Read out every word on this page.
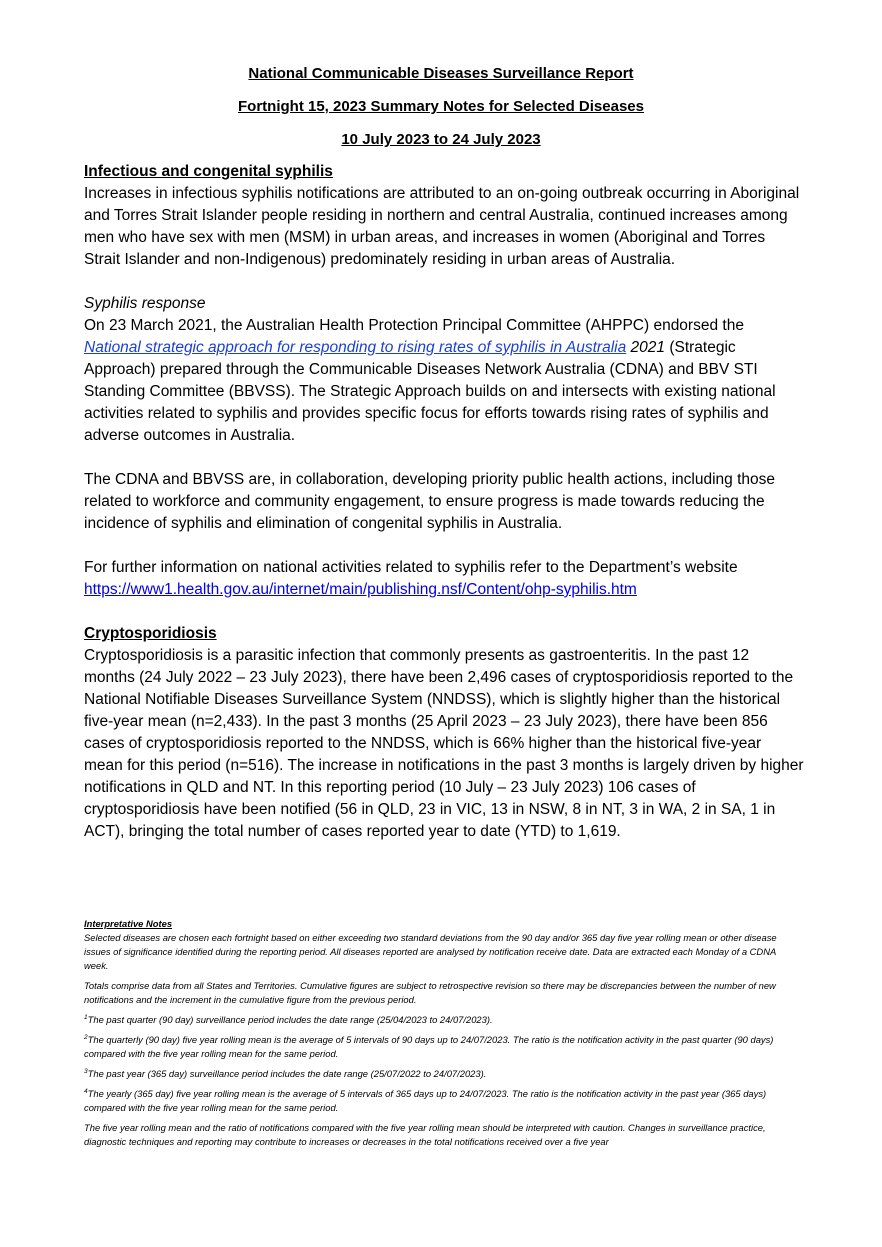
National Communicable Diseases Surveillance Report
Fortnight 15, 2023 Summary Notes for Selected Diseases
10 July 2023 to 24 July 2023
Infectious and congenital syphilis

Increases in infectious syphilis notifications are attributed to an on-going outbreak occurring in Aboriginal and Torres Strait Islander people residing in northern and central Australia, continued increases among men who have sex with men (MSM) in urban areas, and increases in women (Aboriginal and Torres Strait Islander and non-Indigenous) predominately residing in urban areas of Australia.

Syphilis response

On 23 March 2021, the Australian Health Protection Principal Committee (AHPPC) endorsed the National strategic approach for responding to rising rates of syphilis in Australia 2021 (Strategic Approach) prepared through the Communicable Diseases Network Australia (CDNA) and BBV STI Standing Committee (BBVSS). The Strategic Approach builds on and intersects with existing national activities related to syphilis and provides specific focus for efforts towards rising rates of syphilis and adverse outcomes in Australia.

The CDNA and BBVSS are, in collaboration, developing priority public health actions, including those related to workforce and community engagement, to ensure progress is made towards reducing the incidence of syphilis and elimination of congenital syphilis in Australia.

For further information on national activities related to syphilis refer to the Department’s website

https://www1.health.gov.au/internet/main/publishing.nsf/Content/ohp-syphilis.htm

Cryptosporidiosis

Cryptosporidiosis is a parasitic infection that commonly presents as gastroenteritis. In the past 12 months (24 July 2022 – 23 July 2023), there have been 2,496 cases of cryptosporidiosis reported to the National Notifiable Diseases Surveillance System (NNDSS), which is slightly higher than the historical five-year mean (n=2,433). In the past 3 months (25 April 2023 – 23 July 2023), there have been 856 cases of cryptosporidiosis reported to the NNDSS, which is 66% higher than the historical five-year mean for this period (n=516). The increase in notifications in the past 3 months is largely driven by higher notifications in QLD and NT. In this reporting period (10 July – 23 July 2023) 106 cases of cryptosporidiosis have been notified (56 in QLD, 23 in VIC, 13 in NSW, 8 in NT, 3 in WA, 2 in SA, 1 in ACT), bringing the total number of cases reported year to date (YTD) to 1,619.

Interpretative Notes

Selected diseases are chosen each fortnight based on either exceeding two standard deviations from the 90 day and/or 365 day five year rolling mean or other disease issues of significance identified during the reporting period. All diseases reported are analysed by notification receive date. Data are extracted each Monday of a CDNA week.

Totals comprise data from all States and Territories. Cumulative figures are subject to retrospective revision so there may be discrepancies between the number of new notifications and the increment in the cumulative figure from the previous period.

$^1$The past quarter (90 day) surveillance period includes the date range (25/04/2023 to 24/07/2023).

$^2$The quarterly (90 day) five year rolling mean is the average of 5 intervals of 90 days up to 24/07/2023. The ratio is the notification activity in the past quarter (90 days) compared with the five year rolling mean for the same period.

$^3$The past year (365 day) surveillance period includes the date range (25/07/2022 to 24/07/2023).

$^4$The yearly (365 day) five year rolling mean is the average of 5 intervals of 365 days up to 24/07/2023. The ratio is the notification activity in the past year (365 days) compared with the five year rolling mean for the same period.

The five year rolling mean and the ratio of notifications compared with the five year rolling mean should be interpreted with caution. Changes in surveillance practice, diagnostic techniques and reporting may contribute to increases or decreases in the total notifications received over a five year
